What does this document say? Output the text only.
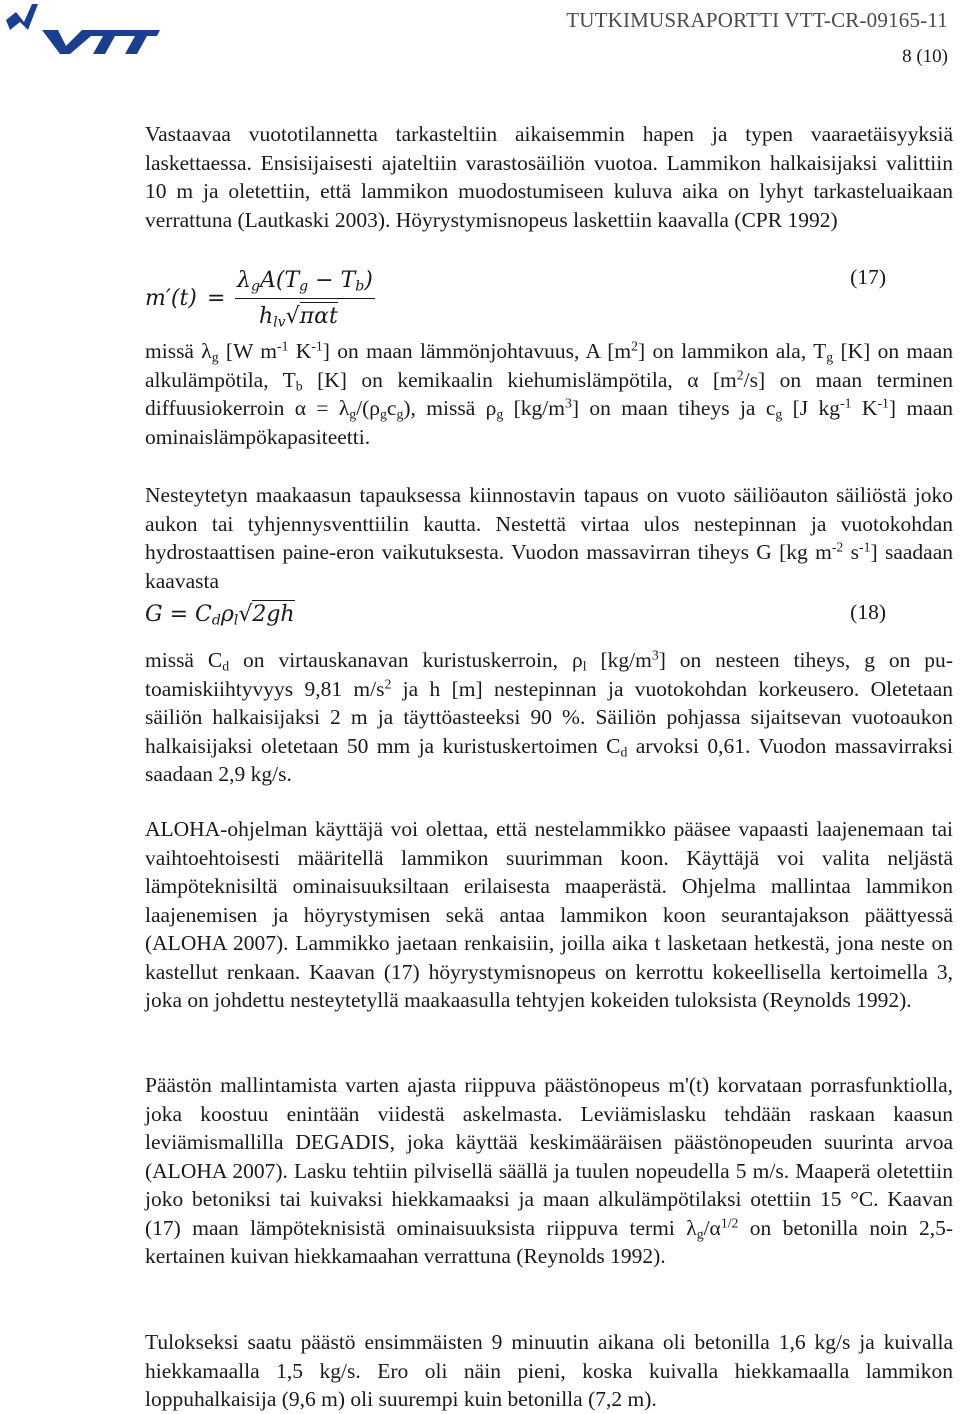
TUTKIMUSRAPORTTI VTT-CR-09165-11
8 (10)

Vastaavaa vuototilannetta tarkasteltiin aikaisemmin hapen ja typen vaaraetäisyyksiä laskettaessa. Ensisijaisesti ajateltiin varastosäiliön vuotoa. Lammikon halkaisijaksi valittiin 10 m ja oletettiin, että lammikon muodostumiseen kuluva aika on lyhyt tarkasteluaikaan verrattuna (Lautkaski 2003). Höyrystymisnopeus laskettiin kaavalla (CPR 1992)

m′(t) =
$\lambda_gA(T_g - T_b)$
$h_{lv}√\pi\alpha t$
(17)

missä $\lambda_g$ [W $m^{-1}$ $K^{-1}$] on maan lämmönjohtavuus, A $[m^2]$ on lammikon ala, $T_g$ [K] on maan alkulämpötila, $T_b$ [K] on kemikaalin kiehumislämpötila, α $[m^2/s]$ on maan terminen diffuusiokerroin $\alpha = \lambda_g/(\rho_gc_g)$, missä $\rho_g$ $[kg/m^3]$ on maan tiheys ja $c_g$ [J $kg^{-1}$ $K^{-1}$] maan ominaislämpökapasiteetti.

Nesteytetyn maakaasun tapauksessa kiinnostavin tapaus on vuoto säiliöauton säiliöstä joko aukon tai tyhjennysventtiilin kautta. Nestettä virtaa ulos nestepinnan ja vuotokohdan hydrostaattisen paine-eron vaikutuksesta. Vuodon massavirran tiheys G [kg $m^{-2}$ $s^{-1}$] saadaan kaavasta

$G = C_d\rho_l√2gh$	(18)

missä $C_d$ on virtauskanavan kuristuskerroin, $\rho_l$ $[kg/m^3]$ on nesteen tiheys, g on putoamiskiihtyvyys 9,81 $m/s^2$ ja h [m] nestepinnan ja vuotokohdan korkeusero. Oletetaan säiliön halkaisijaksi 2 m ja täyttöasteeksi 90 %. Säiliön pohjassa sijaitsevan vuotoaukon halkaisijaksi oletetaan 50 mm ja kuristuskertoimen $C_d$ arvoksi 0,61. Vuodon massavirraksi saadaan 2,9 kg/s.

ALOHA-ohjelman käyttäjä voi olettaa, että nestelammikko pääsee vapaasti laajenemaan tai vaihtoehtoisesti määritellä lammikon suurimman koon. Käyttäjä voi valita neljästä lämpöteknisiltä ominaisuuksiltaan erilaisesta maaperästä. Ohjelma mallintaa lammikon laajenemisen ja höyrystymisen sekä antaa lammikon koon seurantajakson päättyessä (ALOHA 2007). Lammikko jaetaan renkaisiin, joilla aika t lasketaan hetkestä, jona neste on kastellut renkaan. Kaavan (17) höyrystymisnopeus on kerrottu kokeellisella kertoimella 3, joka on johdettu nesteytetyllä maakaasulla tehtyjen kokeiden tuloksista (Reynolds 1992).

Päästön mallintamista varten ajasta riippuva päästönopeus m'(t) korvataan porrasfunktiolla, joka koostuu enintään viidestä askelmasta. Leviämislasku tehdään raskaan kaasun leviämismallilla DEGADIS, joka käyttää keskimääräisen päästönopeuden suurinta arvoa (ALOHA 2007). Lasku tehtiin pilvisellä säällä ja tuulen nopeudella 5 m/s. Maaperä oletettiin joko betoniksi tai kuivaksi hiekkamaaksi ja maan alkulämpötilaksi otettiin 15 °C. Kaavan (17) maan lämpöteknisistä ominaisuuksista riippuva termi $\lambda_g/\alpha^{1/2}$ on betonilla noin 2,5-kertainen kuivan hiekkamaahan verrattuna (Reynolds 1992).

Tulokseksi saatu päästö ensimmäisten 9 minuutin aikana oli betonilla 1,6 kg/s ja kuivalla hiekkamaalla 1,5 kg/s. Ero oli näin pieni, koska kuivalla hiekkamaalla lammikon loppuhalkaisija (9,6 m) oli suurempi kuin betonilla (7,2 m).
